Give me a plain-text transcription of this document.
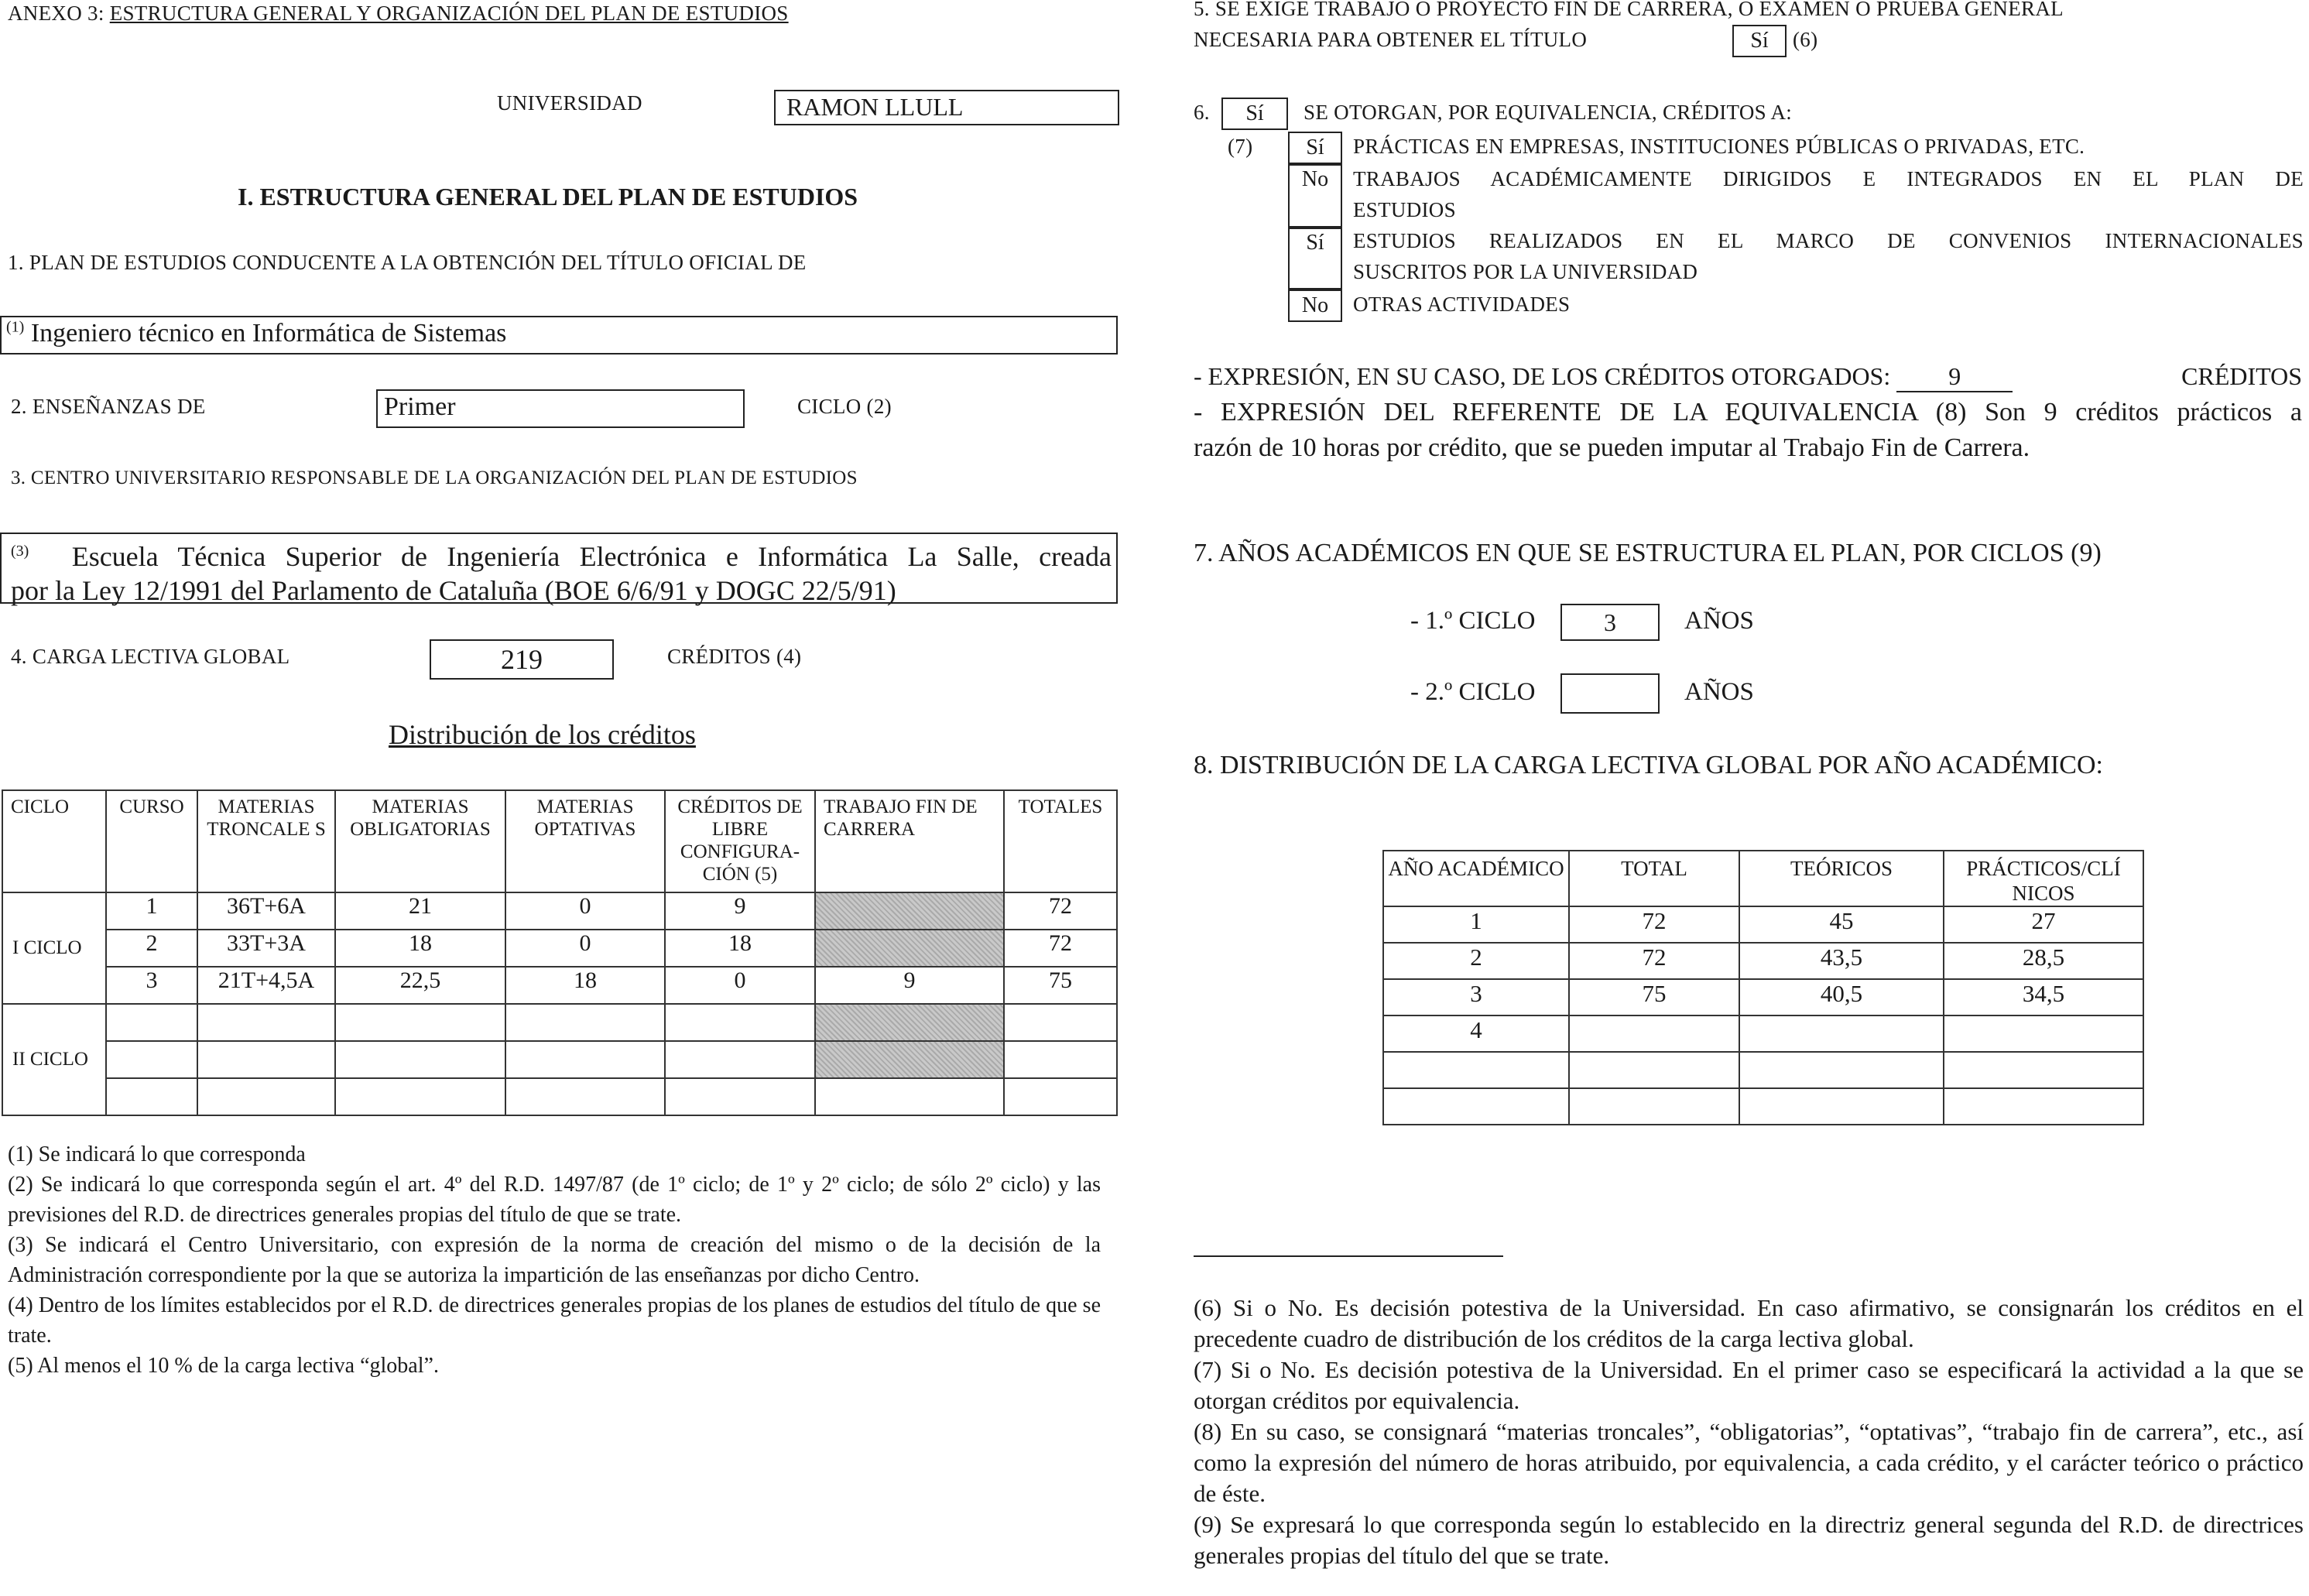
ANEXO 3: ESTRUCTURA GENERAL Y ORGANIZACIÓN DEL PLAN DE ESTUDIOS
UNIVERSIDAD	RAMON LLULL
I. ESTRUCTURA GENERAL DEL PLAN DE ESTUDIOS
1. PLAN DE ESTUDIOS CONDUCENTE A LA OBTENCIÓN DEL TÍTULO OFICIAL DE
$^{(1)}$ Ingeniero técnico en Informática de Sistemas
2. ENSEÑANZAS DE	Primer	CICLO (2)
3. CENTRO UNIVERSITARIO RESPONSABLE DE LA ORGANIZACIÓN DEL PLAN DE ESTUDIOS
$^{(3)}$ Escuela Técnica Superior de Ingeniería Electrónica e Informática La Salle, creada
por la Ley 12/1991 del Parlamento de Cataluña (BOE 6/6/91 y DOGC 22/5/91)
4. CARGA LECTIVA GLOBAL	219	CRÉDITOS (4)
Distribución de los créditos
CICLO	CURSO	MATERIAS TRONCALE S	MATERIAS OBLIGATORIAS	MATERIAS OPTATIVAS	CRÉDITOS DE LIBRE CONFIGURA-CIÓN (5)	TRABAJO FIN DE CARRERA	TOTALES
I CICLO	1	36T+6A	21	0	9		72
	2	33T+3A	18	0	18		72
	3	21T+4,5A	22,5	18	0	9	75
II CICLO							

(1) Se indicará lo que corresponda

(2) Se indicará lo que corresponda según el art. 4º del R.D. 1497/87 (de 1º ciclo; de 1º y 2º ciclo; de sólo 2º ciclo) y las previsiones del R.D. de directrices generales propias del título de que se trate.

(3) Se indicará el Centro Universitario, con expresión de la norma de creación del mismo o de la decisión de la Administración correspondiente por la que se autoriza la impartición de las enseñanzas por dicho Centro.

(4) Dentro de los límites establecidos por el R.D. de directrices generales propias de los planes de estudios del título de que se trate.

(5) Al menos el 10 % de la carga lectiva “global”.

5. SE EXIGE TRABAJO O PROYECTO FIN DE CARRERA, O EXAMEN O PRUEBA GENERAL
NECESARIA PARA OBTENER EL TÍTULO	Sí	(6)
6.	Sí	SE OTORGAN, POR EQUIVALENCIA, CRÉDITOS A:
(7)	Sí	PRÁCTICAS EN EMPRESAS, INSTITUCIONES PÚBLICAS O PRIVADAS, ETC.
No	TRABAJOS ACADÉMICAMENTE DIRIGIDOS E INTEGRADOS EN EL PLAN DE
ESTUDIOS
Sí	ESTUDIOS REALIZADOS EN EL MARCO DE CONVENIOS INTERNACIONALES
SUSCRITOS POR LA UNIVERSIDAD
No	OTRAS ACTIVIDADES
- EXPRESIÓN, EN SU CASO, DE LOS CRÉDITOS OTORGADOS: 9	CRÉDITOS
- EXPRESIÓN DEL REFERENTE DE LA EQUIVALENCIA (8) Son 9 créditos prácticos a
razón de 10 horas por crédito, que se pueden imputar al Trabajo Fin de Carrera.
7. AÑOS ACADÉMICOS EN QUE SE ESTRUCTURA EL PLAN, POR CICLOS (9)
- 1.º CICLO	3	AÑOS
- 2.º CICLO	AÑOS
8. DISTRIBUCIÓN DE LA CARGA LECTIVA GLOBAL POR AÑO ACADÉMICO:
AÑO ACADÉMICO	TOTAL	TEÓRICOS	PRÁCTICOS/CLÍ NICOS
1	72	45	27
2	72	43,5	28,5
3	75	40,5	34,5
4			

(6) Si o No. Es decisión potestiva de la Universidad. En caso afirmativo, se consignarán los créditos en el precedente cuadro de distribución de los créditos de la carga lectiva global.

(7) Si o No. Es decisión potestiva de la Universidad. En el primer caso se especificará la actividad a la que se otorgan créditos por equivalencia.

(8) En su caso, se consignará “materias troncales”, “obligatorias”, “optativas”, “trabajo fin de carrera”, etc., así como la expresión del número de horas atribuido, por equivalencia, a cada crédito, y el carácter teórico o práctico de éste.

(9) Se expresará lo que corresponda según lo establecido en la directriz general segunda del R.D. de directrices generales propias del título del que se trate.
